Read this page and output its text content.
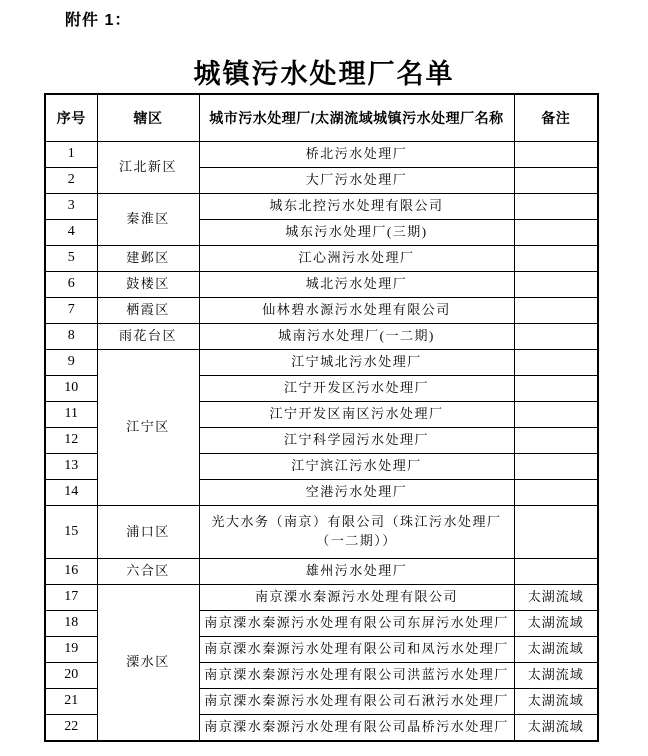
附件 1：
城镇污水处理厂名单
序号	辖区	城市污水处理厂/太湖流域城镇污水处理厂名称	备注
1	江北新区	桥北污水处理厂	
2		大厂污水处理厂	
3	秦淮区	城东北控污水处理有限公司	
4		城东污水处理厂(三期)	
5	建邺区	江心洲污水处理厂	
6	鼓楼区	城北污水处理厂	
7	栖霞区	仙林碧水源污水处理有限公司	
8	雨花台区	城南污水处理厂(一二期)	
9	江宁区	江宁城北污水处理厂	
10		江宁开发区污水处理厂	
11		江宁开发区南区污水处理厂	
12		江宁科学园污水处理厂	
13		江宁滨江污水处理厂	
14		空港污水处理厂	
15	浦口区	光大水务（南京）有限公司（珠江污水处理厂（一二期））	
16	六合区	雄州污水处理厂	
17	溧水区	南京溧水秦源污水处理有限公司	太湖流域
18		南京溧水秦源污水处理有限公司东屏污水处理厂	太湖流域
19		南京溧水秦源污水处理有限公司和凤污水处理厂	太湖流域
20		南京溧水秦源污水处理有限公司洪蓝污水处理厂	太湖流域
21		南京溧水秦源污水处理有限公司石湫污水处理厂	太湖流域
22		南京溧水秦源污水处理有限公司晶桥污水处理厂	太湖流域
